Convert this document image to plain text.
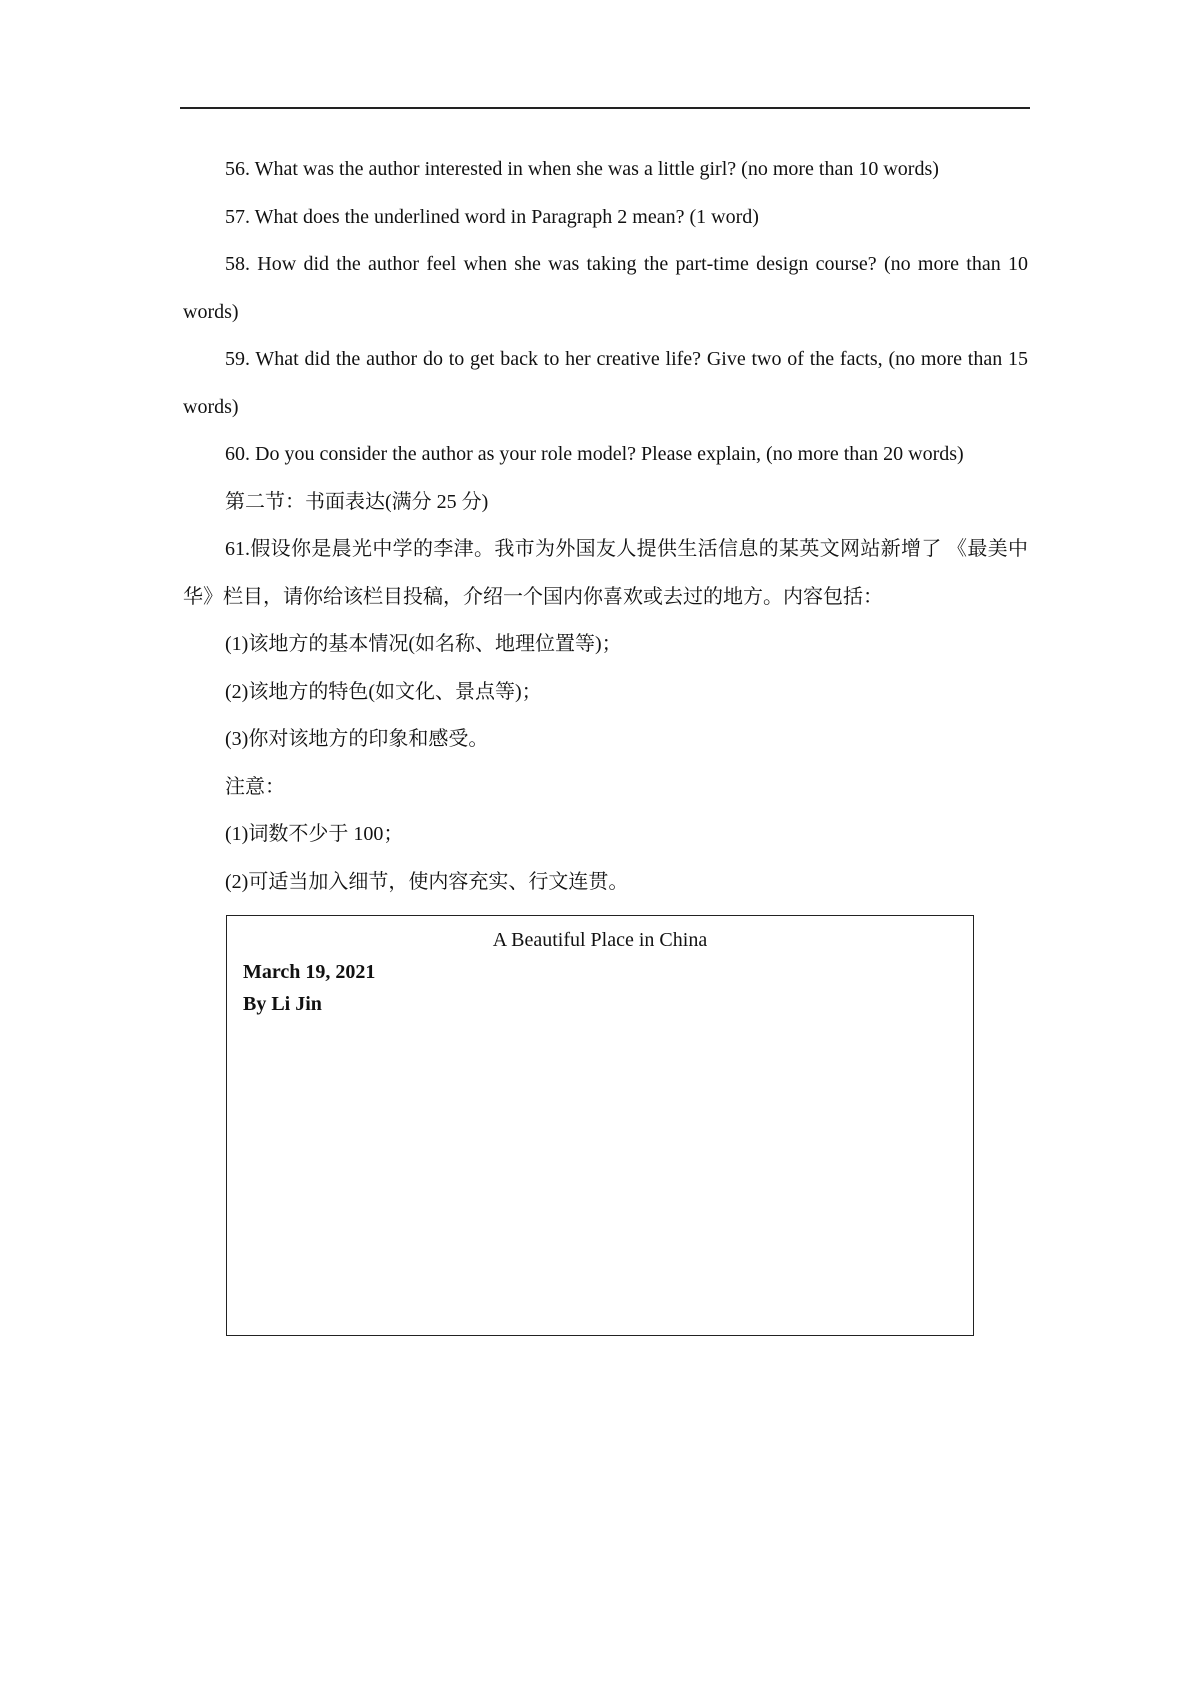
56. What was the author interested in when she was a little girl? (no more than 10 words)

57. What does the underlined word in Paragraph 2 mean? (1 word)

58. How did the author feel when she was taking the part-time design course? (no more than 10 words)

59. What did the author do to get back to her creative life? Give two of the facts, (no more than 15 words)

60. Do you consider the author as your role model? Please explain, (no more than 20 words)

第二节：书面表达(满分 25 分)

61.假设你是晨光中学的李津。我市为外国友人提供生活信息的某英文网站新增了 《最美中华》栏目，请你给该栏目投稿，介绍一个国内你喜欢或去过的地方。内容包括：

(1)该地方的基本情况(如名称、地理位置等)；

(2)该地方的特色(如文化、景点等)；

(3)你对该地方的印象和感受。

注意：

(1)词数不少于 100；

(2)可适当加入细节，使内容充实、行文连贯。

A Beautiful Place in China
March 19, 2021
By Li Jin
